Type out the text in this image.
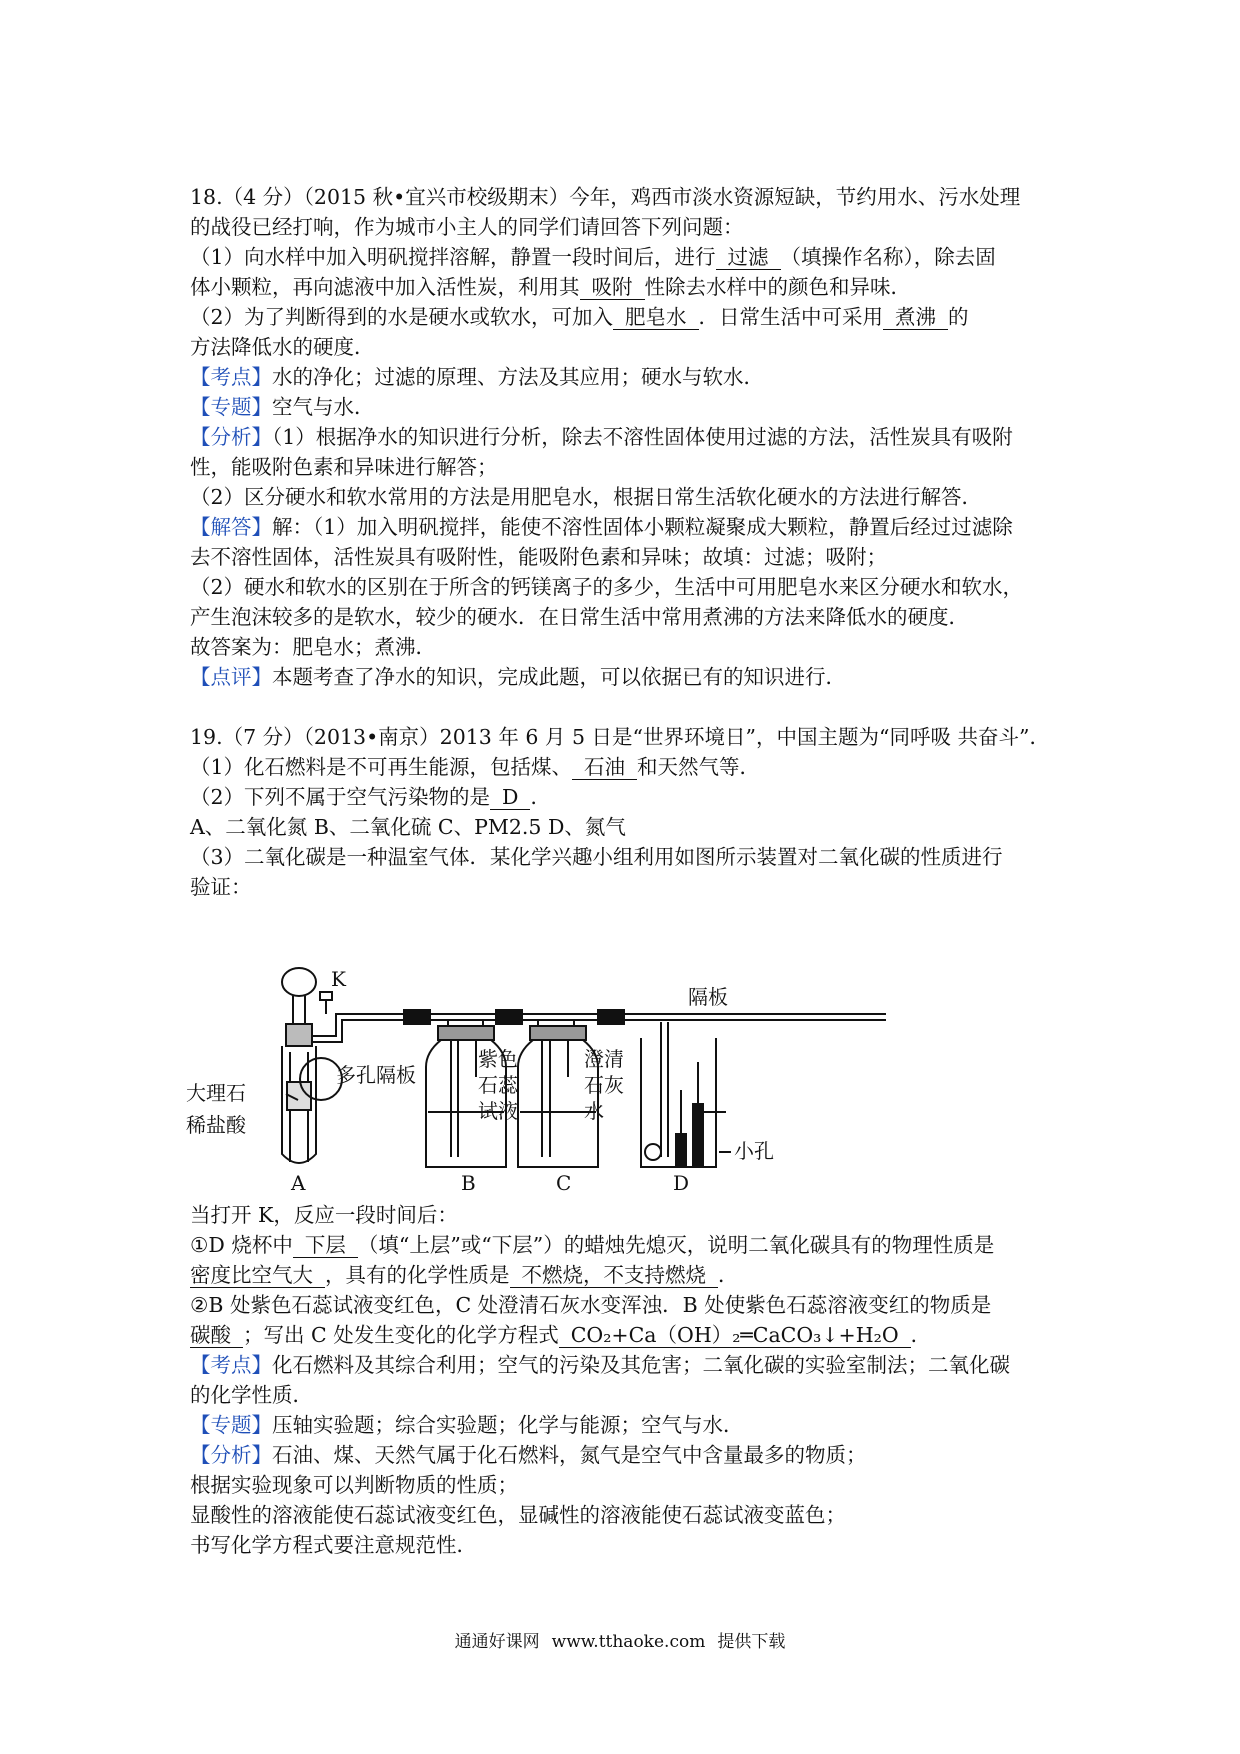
18.（4 分）（2015 秋•宜兴市校级期末）今年，鸡西市淡水资源短缺，节约用水、污水处理
的战役已经打响，作为城市小主人的同学们请回答下列问题：
（1）向水样中加入明矾搅拌溶解，静置一段时间后，进行 过滤 （填操作名称），除去固
体小颗粒，再向滤液中加入活性炭，利用其 吸附 性除去水样中的颜色和异味．
（2）为了判断得到的水是硬水或软水，可加入 肥皂水 ．日常生活中可采用 煮沸 的
方法降低水的硬度．
【考点】水的净化；过滤的原理、方法及其应用；硬水与软水．
【专题】空气与水．
【分析】（1）根据净水的知识进行分析，除去不溶性固体使用过滤的方法，活性炭具有吸附
性，能吸附色素和异味进行解答；
（2）区分硬水和软水常用的方法是用肥皂水，根据日常生活软化硬水的方法进行解答．
【解答】解：（1）加入明矾搅拌，能使不溶性固体小颗粒凝聚成大颗粒，静置后经过过滤除
去不溶性固体，活性炭具有吸附性，能吸附色素和异味；故填：过滤；吸附；
（2）硬水和软水的区别在于所含的钙镁离子的多少，生活中可用肥皂水来区分硬水和软水，
产生泡沫较多的是软水，较少的硬水．在日常生活中常用煮沸的方法来降低水的硬度．
故答案为：肥皂水；煮沸．
【点评】本题考查了净水的知识，完成此题，可以依据已有的知识进行．
19.（7 分）（2013•南京）2013 年 6 月 5 日是“世界环境日”，中国主题为“同呼吸 共奋斗”．
（1）化石燃料是不可再生能源，包括煤、 石油 和天然气等．
（2）下列不属于空气污染物的是 D ．
A、二氧化氮 B、二氧化硫 C、PM2.5 D、氮气
（3）二氧化碳是一种温室气体．某化学兴趣小组利用如图所示装置对二氧化碳的性质进行
验证：
K
多孔隔板
隔板
大理石
稀盐酸
紫色
石蕊
试液
澄清
石灰
水
小孔
A	B	C	D
当打开 K，反应一段时间后：
①D 烧杯中 下层 （填“上层”或“下层”）的蜡烛先熄灭，说明二氧化碳具有的物理性质是
密度比空气大 ，具有的化学性质是 不燃烧，不支持燃烧 ．
②B 处紫色石蕊试液变红色，C 处澄清石灰水变浑浊．B 处使紫色石蕊溶液变红的物质是
碳酸 ；写出 C 处发生变化的化学方程式 CO₂+Ca（OH）₂═CaCO₃↓+H₂O ．
【考点】化石燃料及其综合利用；空气的污染及其危害；二氧化碳的实验室制法；二氧化碳
的化学性质．
【专题】压轴实验题；综合实验题；化学与能源；空气与水．
【分析】石油、煤、天然气属于化石燃料，氮气是空气中含量最多的物质；
根据实验现象可以判断物质的性质；
显酸性的溶液能使石蕊试液变红色，显碱性的溶液能使石蕊试液变蓝色；
书写化学方程式要注意规范性．
通通好课网 www.tthaoke.com 提供下载
